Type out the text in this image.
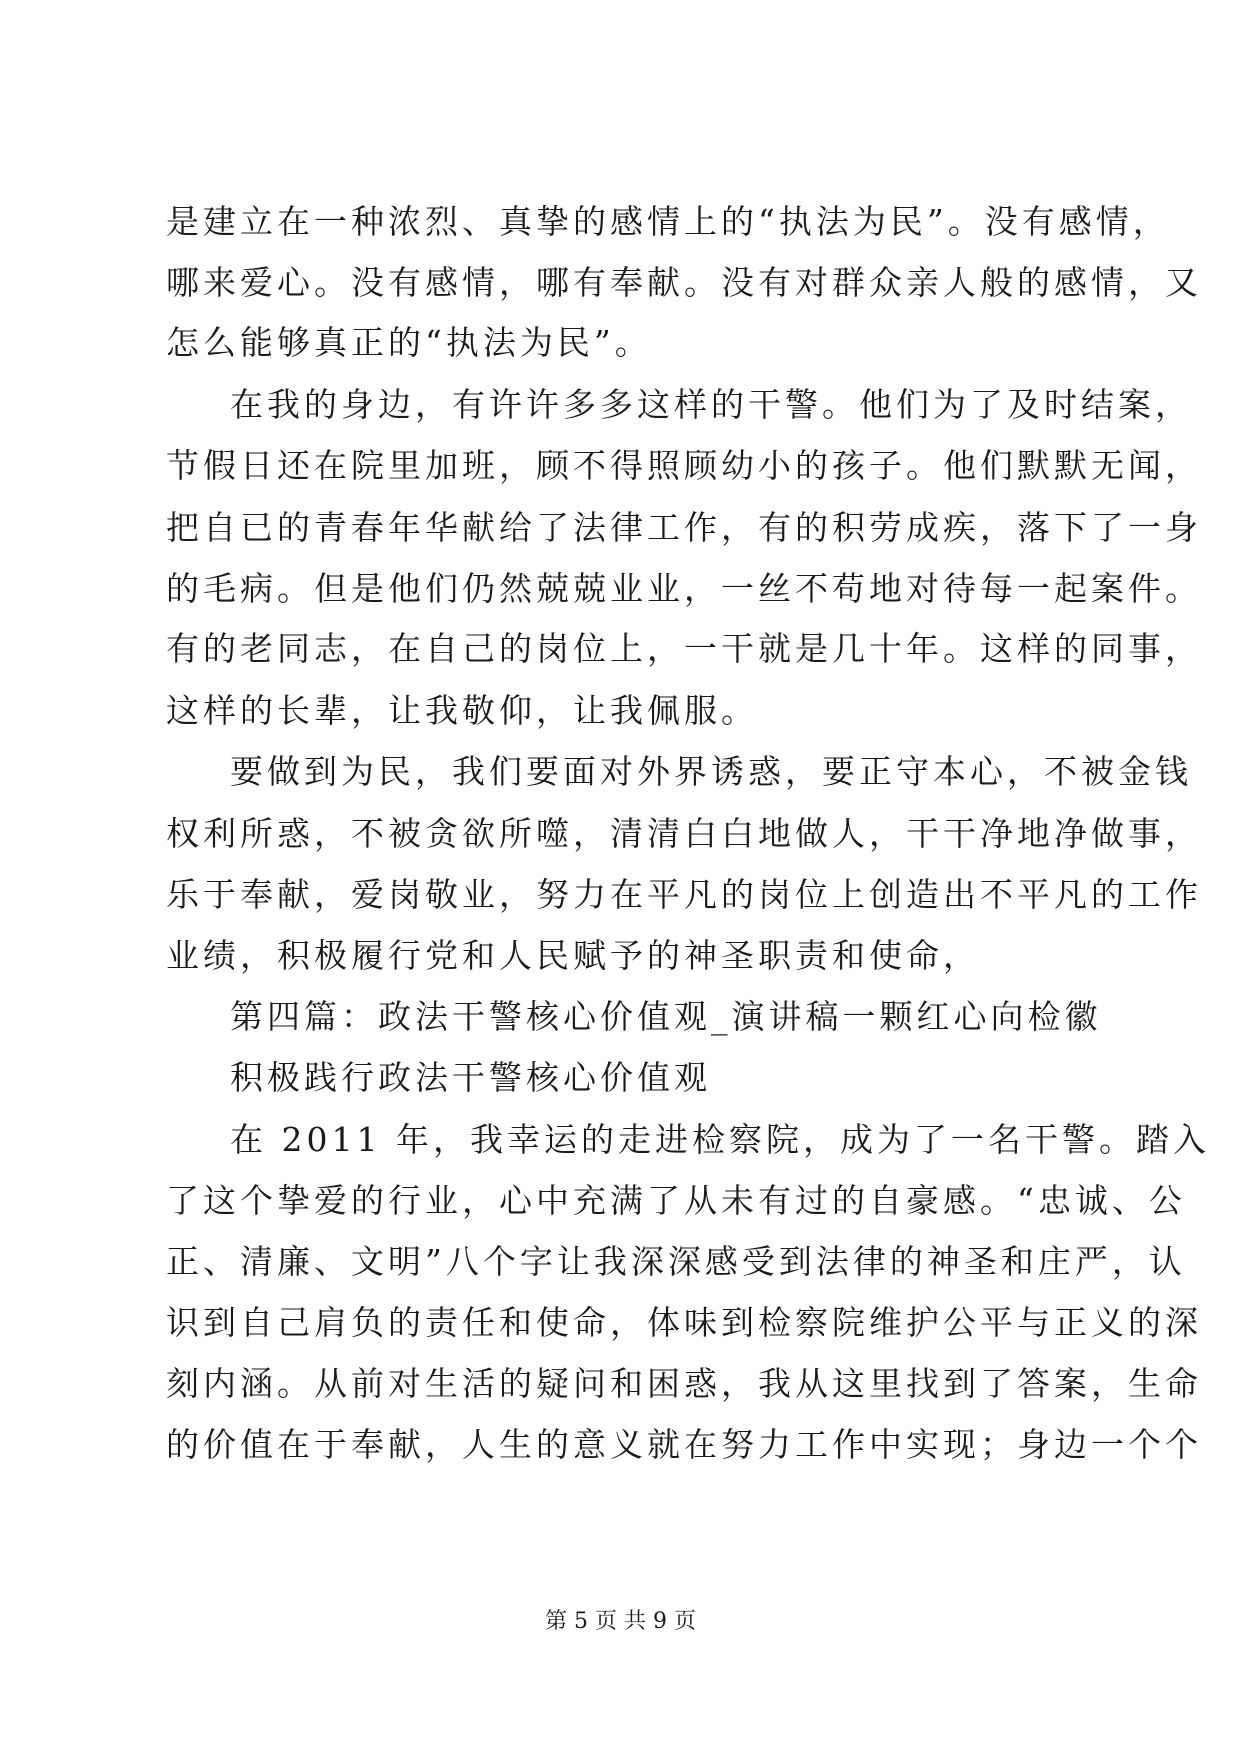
是建立在一种浓烈、真挚的感情上的“执法为民”。没有感情，
哪来爱心。没有感情，哪有奉献。没有对群众亲人般的感情，又
怎么能够真正的“执法为民”。
在我的身边，有许许多多这样的干警。他们为了及时结案，
节假日还在院里加班，顾不得照顾幼小的孩子。他们默默无闻，
把自已的青春年华献给了法律工作，有的积劳成疾，落下了一身
的毛病。但是他们仍然兢兢业业，一丝不苟地对待每一起案件。
有的老同志，在自己的岗位上，一干就是几十年。这样的同事，
这样的长辈，让我敬仰，让我佩服。
要做到为民，我们要面对外界诱惑，要正守本心，不被金钱
权利所惑，不被贪欲所噬，清清白白地做人，干干净地净做事，
乐于奉献，爱岗敬业，努力在平凡的岗位上创造出不平凡的工作
业绩，积极履行党和人民赋予的神圣职责和使命，
第四篇：政法干警核心价值观_演讲稿一颗红心向检徽
积极践行政法干警核心价值观
在 2011 年，我幸运的走进检察院，成为了一名干警。踏入
了这个挚爱的行业，心中充满了从未有过的自豪感。“忠诚、公
正、清廉、文明”八个字让我深深感受到法律的神圣和庄严，认
识到自己肩负的责任和使命，体味到检察院维护公平与正义的深
刻内涵。从前对生活的疑问和困惑，我从这里找到了答案，生命
的价值在于奉献，人生的意义就在努力工作中实现；身边一个个
第 5 页 共 9 页
